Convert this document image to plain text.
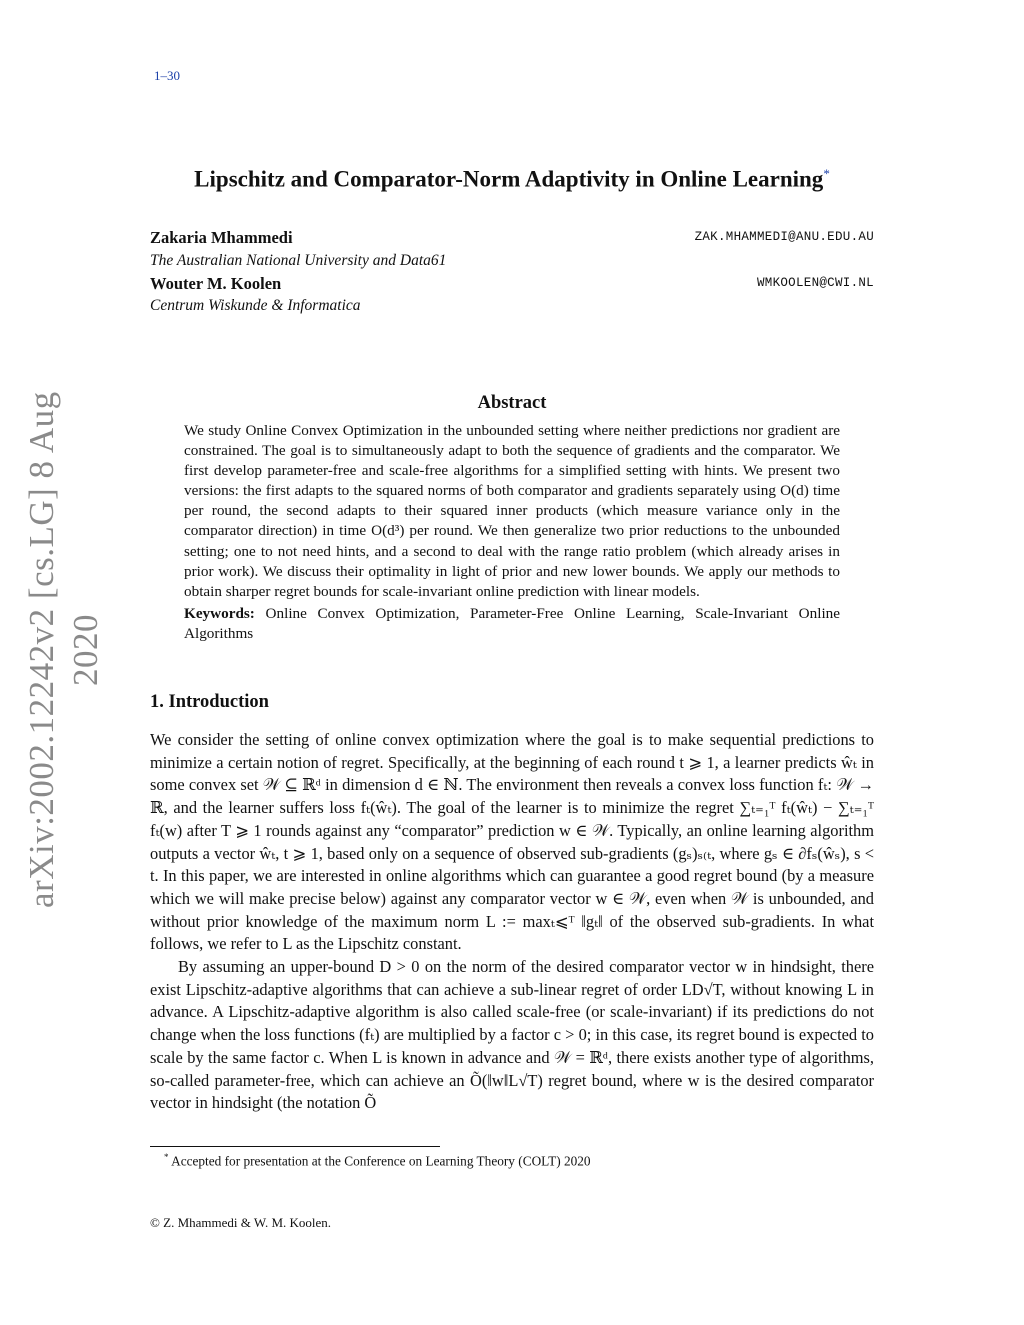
1–30
arXiv:2002.12242v2 [cs.LG] 8 Aug 2020
Lipschitz and Comparator-Norm Adaptivity in Online Learning*
Zakaria Mhammedi	ZAK.MHAMMEDI@ANU.EDU.AU
The Australian National University and Data61
Wouter M. Koolen	WMKOOLEN@CWI.NL
Centrum Wiskunde & Informatica
Abstract
We study Online Convex Optimization in the unbounded setting where neither predictions nor gradient are constrained. The goal is to simultaneously adapt to both the sequence of gradients and the comparator. We first develop parameter-free and scale-free algorithms for a simplified setting with hints. We present two versions: the first adapts to the squared norms of both comparator and gradients separately using O(d) time per round, the second adapts to their squared inner products (which measure variance only in the comparator direction) in time O(d³) per round. We then generalize two prior reductions to the unbounded setting; one to not need hints, and a second to deal with the range ratio problem (which already arises in prior work). We discuss their optimality in light of prior and new lower bounds. We apply our methods to obtain sharper regret bounds for scale-invariant online prediction with linear models.
Keywords: Online Convex Optimization, Parameter-Free Online Learning, Scale-Invariant Online Algorithms
1. Introduction

We consider the setting of online convex optimization where the goal is to make sequential predictions to minimize a certain notion of regret. Specifically, at the beginning of each round t ⩾ 1, a learner predicts ŵₜ in some convex set 𝒲 ⊆ ℝᵈ in dimension d ∈ ℕ. The environment then reveals a convex loss function fₜ: 𝒲 → ℝ, and the learner suffers loss fₜ(ŵₜ). The goal of the learner is to minimize the regret ∑ₜ₌₁ᵀ fₜ(ŵₜ) − ∑ₜ₌₁ᵀ fₜ(w) after T ⩾ 1 rounds against any “comparator” prediction w ∈ 𝒲. Typically, an online learning algorithm outputs a vector ŵₜ, t ⩾ 1, based only on a sequence of observed sub-gradients (gₛ)ₛ₍ₜ, where gₛ ∈ ∂fₛ(ŵₛ), s < t. In this paper, we are interested in online algorithms which can guarantee a good regret bound (by a measure which we will make precise below) against any comparator vector w ∈ 𝒲, even when 𝒲 is unbounded, and without prior knowledge of the maximum norm L := maxₜ⩽ᵀ ‖gₜ‖ of the observed sub-gradients. In what follows, we refer to L as the Lipschitz constant.

By assuming an upper-bound D > 0 on the norm of the desired comparator vector w in hindsight, there exist Lipschitz-adaptive algorithms that can achieve a sub-linear regret of order LD√T, without knowing L in advance. A Lipschitz-adaptive algorithm is also called scale-free (or scale-invariant) if its predictions do not change when the loss functions (fₜ) are multiplied by a factor c > 0; in this case, its regret bound is expected to scale by the same factor c. When L is known in advance and 𝒲 = ℝᵈ, there exists another type of algorithms, so-called parameter-free, which can achieve an Õ(‖w‖L√T) regret bound, where w is the desired comparator vector in hindsight (the notation Õ

* Accepted for presentation at the Conference on Learning Theory (COLT) 2020
© Z. Mhammedi & W. M. Koolen.
